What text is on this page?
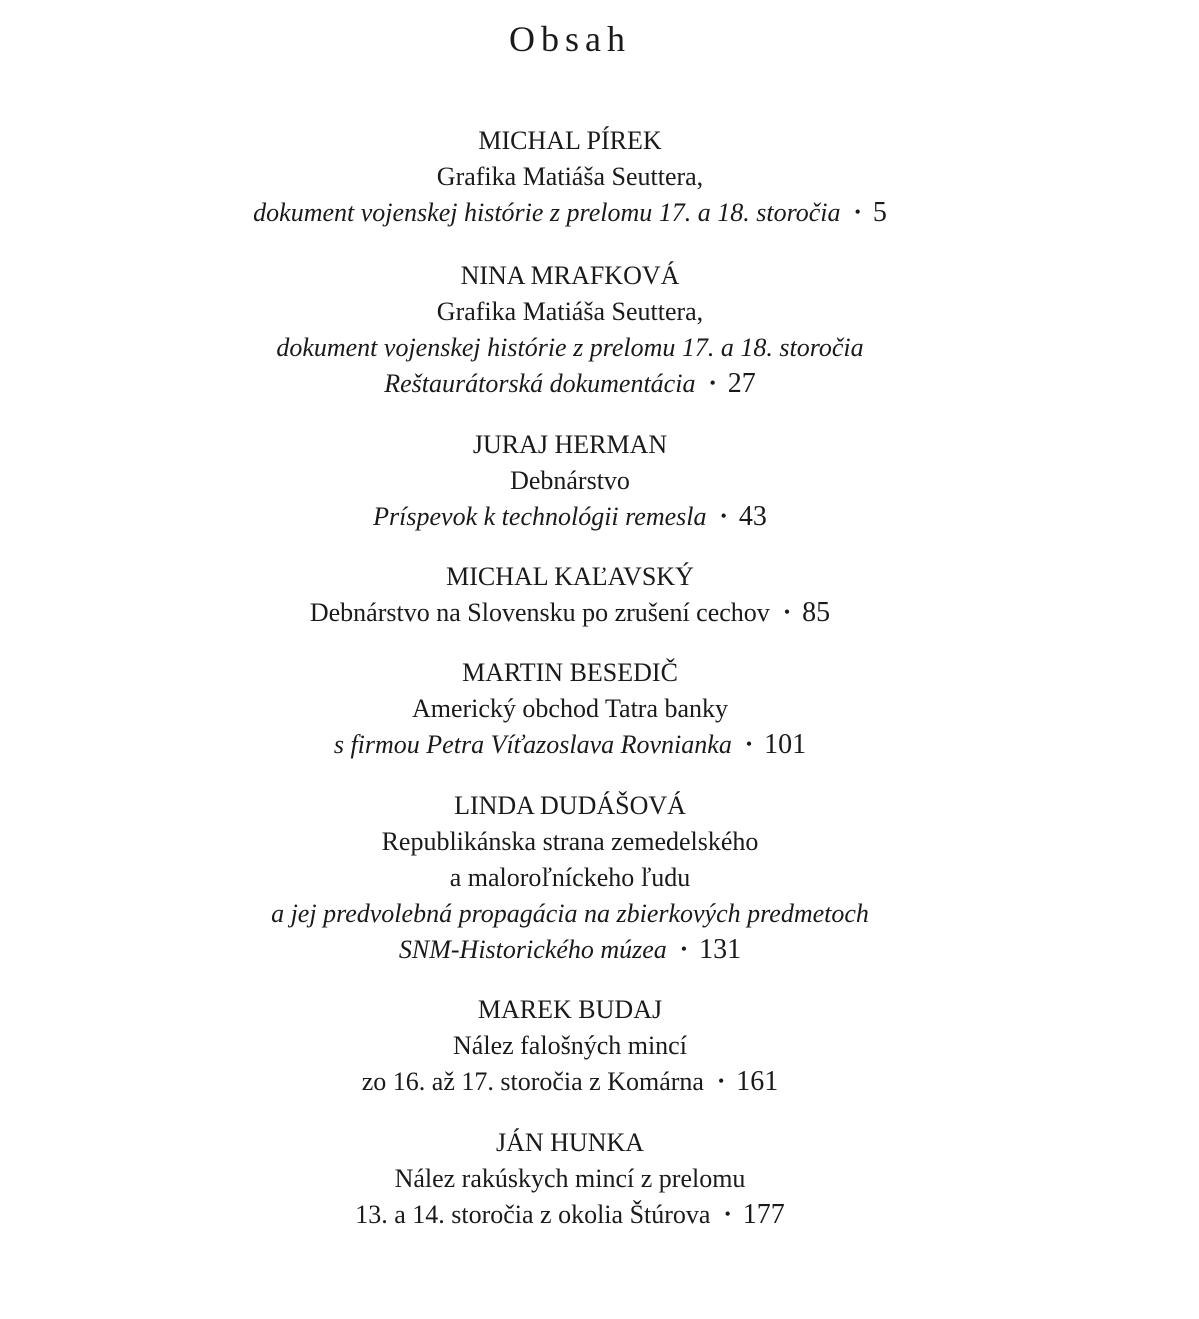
Obsah
MICHAL PÍREK
Grafika Matiáša Seuttera,
dokument vojenskej histórie z prelomu 17. a 18. storočia • 5
NINA MRAFKOVÁ
Grafika Matiáša Seuttera,
dokument vojenskej histórie z prelomu 17. a 18. storočia
Reštaurátorská dokumentácia • 27
JURAJ HERMAN
Debnárstvo
Príspevok k technológii remesla • 43
MICHAL KAĽAVSKÝ
Debnárstvo na Slovensku po zrušení cechov • 85
MARTIN BESEDIČ
Americký obchod Tatra banky
s firmou Petra Víťazoslava Rovnianka • 101
LINDA DUDÁŠOVÁ
Republikánska strana zemedelského
a maloroľníckeho ľudu
a jej predvolebná propagácia na zbierkových predmetoch
SNM-Historického múzea • 131
MAREK BUDAJ
Nález falošných mincí
zo 16. až 17. storočia z Komárna • 161
JÁN HUNKA
Nález rakúskych mincí z prelomu
13. a 14. storočia z okolia Štúrova • 177
